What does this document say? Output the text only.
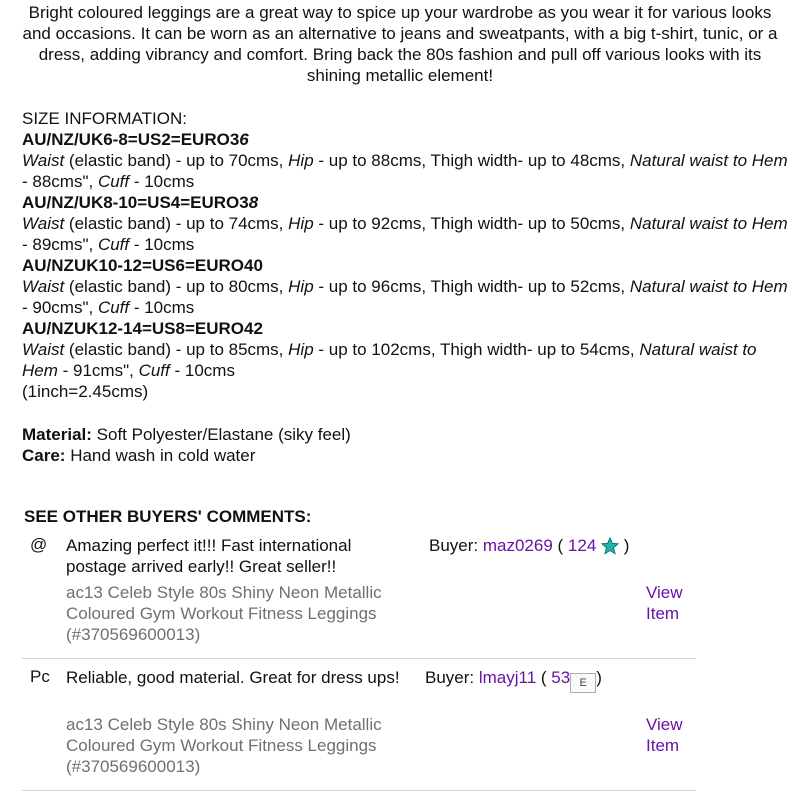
Bright coloured leggings are a great way to spice up your wardrobe as you wear it for various looks and occasions. It can be worn as an alternative to jeans and sweatpants, with a big t-shirt, tunic, or a dress, adding vibrancy and comfort. Bring back the 80s fashion and pull off various looks with its shining metallic element!

SIZE INFORMATION:

AU/NZ/UK6-8=US2=EURO36
Waist (elastic band) - up to 70cms, Hip - up to 88cms, Thigh width- up to 48cms, Natural waist to Hem - 88cms", Cuff - 10cms

AU/NZ/UK8-10=US4=EURO38
Waist (elastic band) - up to 74cms, Hip - up to 92cms, Thigh width- up to 50cms, Natural waist to Hem - 89cms", Cuff - 10cms

AU/NZUK10-12=US6=EURO40
Waist (elastic band) - up to 80cms, Hip - up to 96cms, Thigh width- up to 52cms, Natural waist to Hem - 90cms", Cuff - 10cms

AU/NZUK12-14=US8=EURO42
Waist (elastic band) - up to 85cms, Hip - up to 102cms, Thigh width- up to 54cms, Natural waist to Hem - 91cms", Cuff - 10cms

(1inch=2.45cms)

Material: Soft Polyester/Elastane (siky feel)
Care: Hand wash in cold water
SEE OTHER BUYERS' COMMENTS:
@ Amazing perfect it!!! Fast international postage arrived early!! Great seller!!
ac13 Celeb Style 80s Shiny Neon Metallic Coloured Gym Workout Fitness Leggings
(#370569600013)
Buyer: maz0269 ( 124  )
View
Item
Pc Reliable, good material. Great for dress ups!
ac13 Celeb Style 80s Shiny Neon Metallic Coloured Gym Workout Fitness Leggings
(#370569600013)
Buyer: lmayj11 ( 53 E )
View
Item
